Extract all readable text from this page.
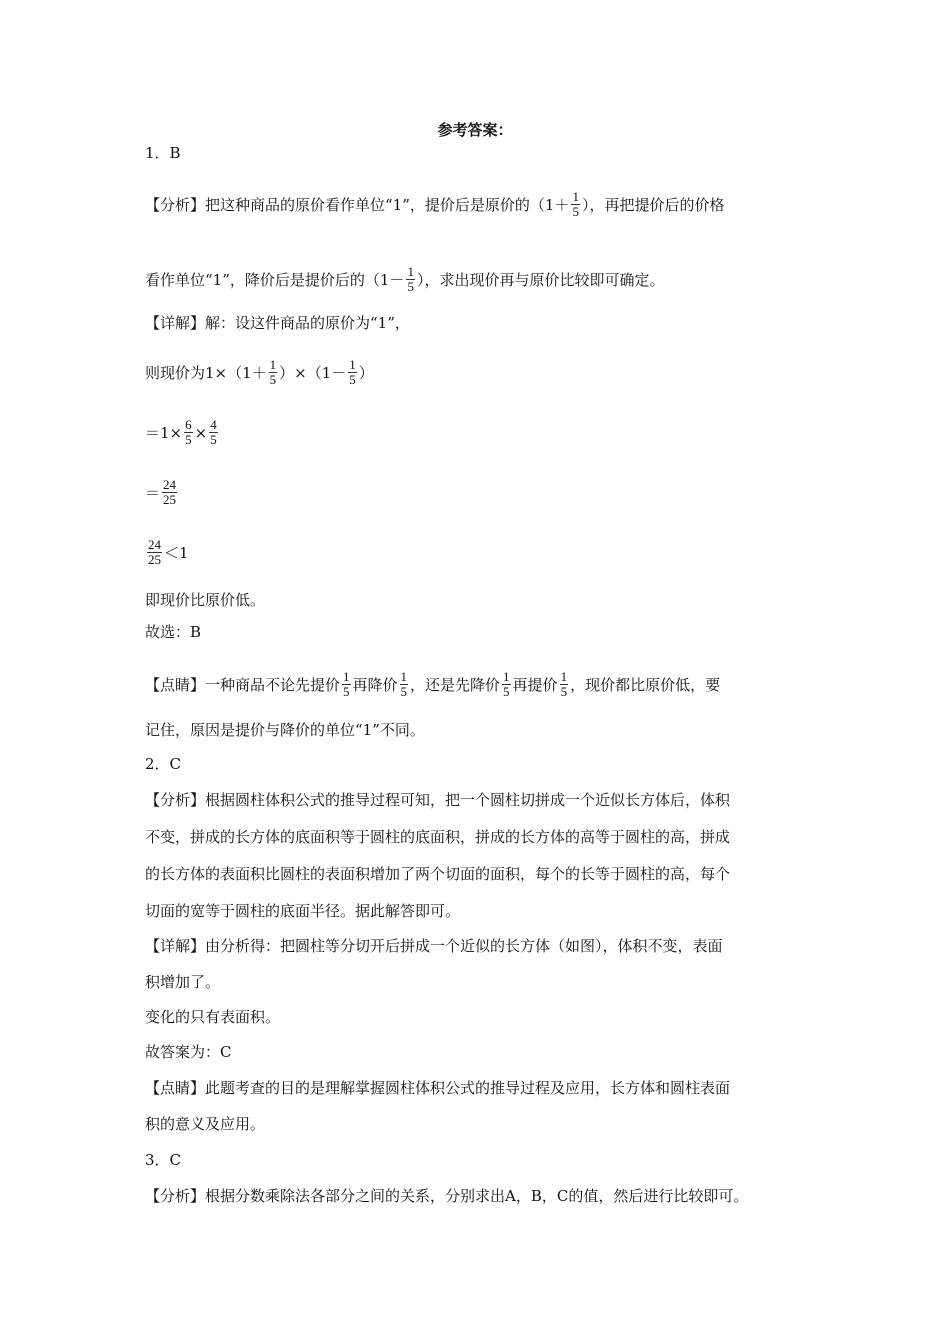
参考答案：
1．B
【分析】把这种商品的原价看作单位“1”，提价后是原价的（$1+ \frac{1}{5}$ ），再把提价后的价格
看作单位“1”，降价后是提价后的（$1- \frac{1}{5}$ ），求出现价再与原价比较即可确定。
【详解】解：设这件商品的原价为“1”，
则现价为$1\times(1+ \frac{1}{5} )\times(1- \frac{1}{5}$ ）
$=1\times \frac{6}{5} \times \frac{4}{5}$
＝ $\frac{24}{25}$
$\frac{24}{25} <1$
即现价比原价低。
故选：B
【点睛】一种商品不论先提价 $\frac{1}{5}$ 再降价 $\frac{1}{5}$ ，还是先降价 $\frac{1}{5}$ 再提价 $\frac{1}{5}$ ，现价都比原价低，要
记住，原因是提价与降价的单位“1”不同。
2．C
【分析】根据圆柱体积公式的推导过程可知，把一个圆柱切拼成一个近似长方体后，体积
不变，拼成的长方体的底面积等于圆柱的底面积，拼成的长方体的高等于圆柱的高，拼成
的长方体的表面积比圆柱的表面积增加了两个切面的面积，每个的长等于圆柱的高，每个
切面的宽等于圆柱的底面半径。据此解答即可。
【详解】由分析得：把圆柱等分切开后拼成一个近似的长方体（如图），体积不变，表面
积增加了。
变化的只有表面积。
故答案为：C
【点睛】此题考查的目的是理解掌握圆柱体积公式的推导过程及应用，长方体和圆柱表面
积的意义及应用。
3．C
【分析】根据分数乘除法各部分之间的关系，分别求出A，B，C的值，然后进行比较即可。
